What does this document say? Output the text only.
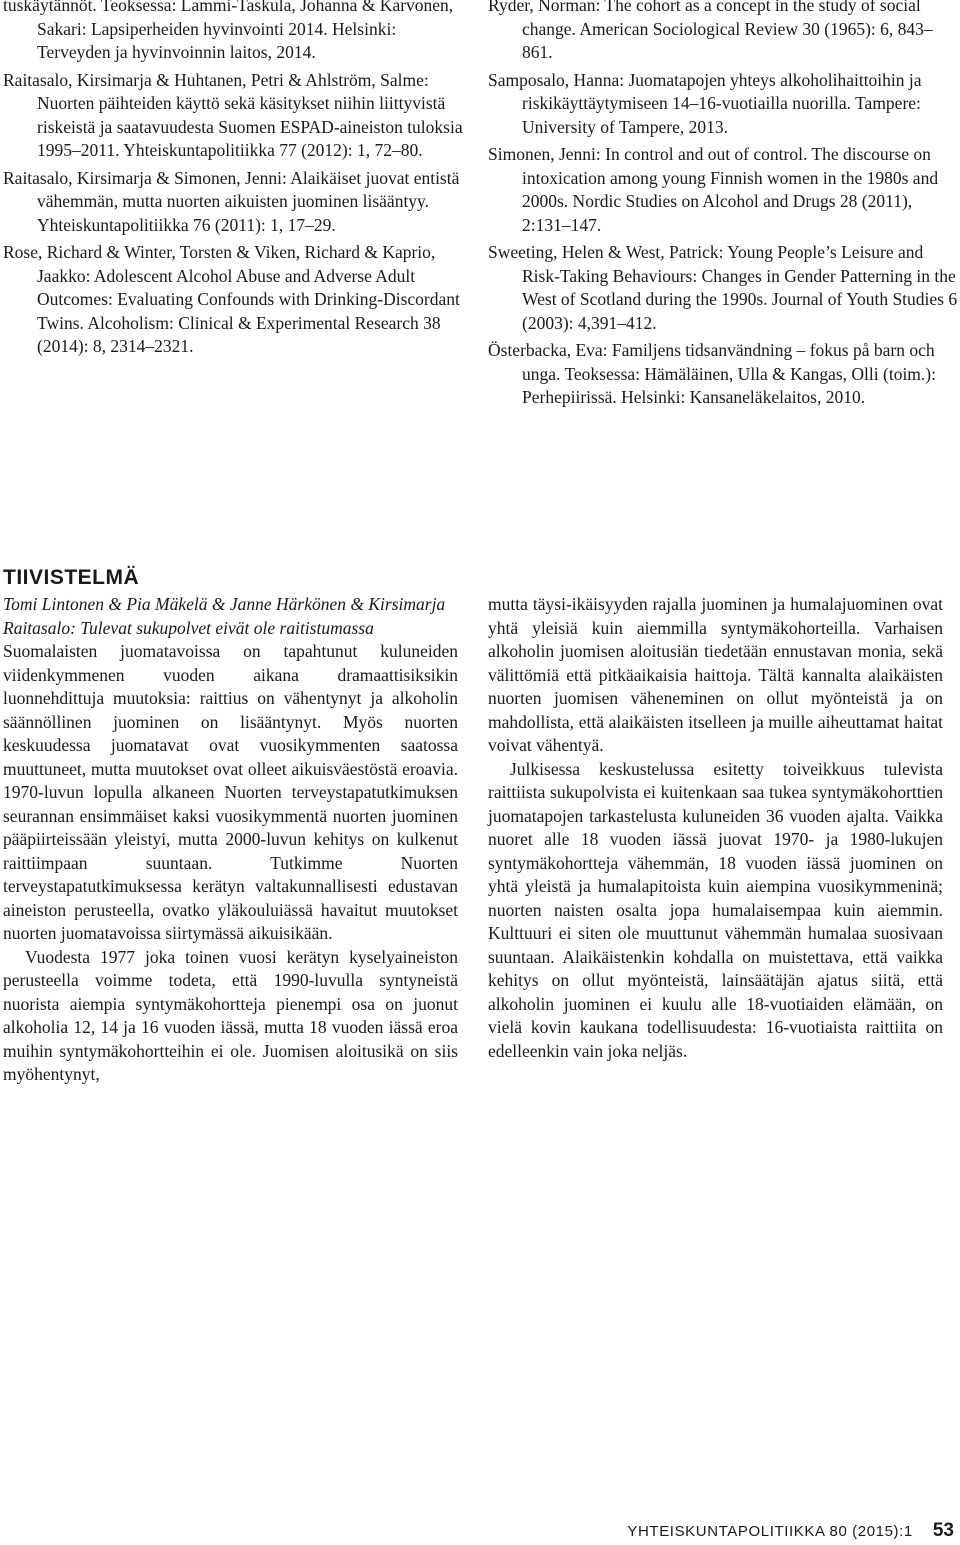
tuskäytännöt. Teoksessa: Lammi-Taskula, Johanna & Karvonen, Sakari: Lapsiperheiden hyvinvointi 2014. Helsinki: Terveyden ja hyvinvoinnin laitos, 2014.

Raitasalo, Kirsimarja & Huhtanen, Petri & Ahlström, Salme: Nuorten päihteiden käyttö sekä käsitykset niihin liittyvistä riskeistä ja saatavuudesta Suomen ESPAD-aineiston tuloksia 1995–2011. Yhteiskuntapolitiikka 77 (2012): 1, 72–80.

Raitasalo, Kirsimarja & Simonen, Jenni: Alaikäiset juovat entistä vähemmän, mutta nuorten aikuisten juominen lisääntyy. Yhteiskuntapolitiikka 76 (2011): 1, 17–29.

Rose, Richard & Winter, Torsten & Viken, Richard & Kaprio, Jaakko: Adolescent Alcohol Abuse and Adverse Adult Outcomes: Evaluating Confounds with Drinking-Discordant Twins. Alcoholism: Clinical & Experimental Research 38 (2014): 8, 2314–2321.

Ryder, Norman: The cohort as a concept in the study of social change. American Sociological Review 30 (1965): 6, 843–861.

Samposalo, Hanna: Juomatapojen yhteys alkoholihaittoihin ja riskikäyttäytymiseen 14–16-vuotiailla nuorilla. Tampere: University of Tampere, 2013.

Simonen, Jenni: In control and out of control. The discourse on intoxication among young Finnish women in the 1980s and 2000s. Nordic Studies on Alcohol and Drugs 28 (2011), 2:131–147.

Sweeting, Helen & West, Patrick: Young People’s Leisure and Risk-Taking Behaviours: Changes in Gender Patterning in the West of Scotland during the 1990s. Journal of Youth Studies 6 (2003): 4,391–412.

Österbacka, Eva: Familjens tidsanvändning – fokus på barn och unga. Teoksessa: Hämäläinen, Ulla & Kangas, Olli (toim.): Perhepiirissä. Helsinki: Kansaneläkelaitos, 2010.

TIIVISTELMÄ

Tomi Lintonen & Pia Mäkelä & Janne Härkönen & Kirsimarja Raitasalo: Tulevat sukupolvet eivät ole raitistumassa

Suomalaisten juomatavoissa on tapahtunut kuluneiden viidenkymmenen vuoden aikana dramaattisiksikin luonnehdittuja muutoksia: raittius on vähentynyt ja alkoholin säännöllinen juominen on lisääntynyt. Myös nuorten keskuudessa juomatavat ovat vuosikymmenten saatossa muuttuneet, mutta muutokset ovat olleet aikuisväestöstä eroavia. 1970-luvun lopulla alkaneen Nuorten terveystapatutkimuksen seurannan ensimmäiset kaksi vuosikymmentä nuorten juominen pääpiirteissään yleistyi, mutta 2000-luvun kehitys on kulkenut raittiimpaan suuntaan. Tutkimme Nuorten terveystapatutkimuksessa kerätyn valtakunnallisesti edustavan aineiston perusteella, ovatko yläkouluiässä havaitut muutokset nuorten juomatavoissa siirtymässä aikuisikään.

Vuodesta 1977 joka toinen vuosi kerätyn kyselyaineiston perusteella voimme todeta, että 1990-luvulla syntyneistä nuorista aiempia syntymäkohortteja pienempi osa on juonut alkoholia 12, 14 ja 16 vuoden iässä, mutta 18 vuoden iässä eroa muihin syntymäkohortteihin ei ole. Juomisen aloitusikä on siis myöhentynyt,

mutta täysi-ikäisyyden rajalla juominen ja humalajuominen ovat yhtä yleisiä kuin aiemmilla syntymäkohorteilla. Varhaisen alkoholin juomisen aloitusiän tiedetään ennustavan monia, sekä välittömiä että pitkäaikaisia haittoja. Tältä kannalta alaikäisten nuorten juomisen väheneminen on ollut myönteistä ja on mahdollista, että alaikäisten itselleen ja muille aiheuttamat haitat voivat vähentyä.

Julkisessa keskustelussa esitetty toiveikkuus tulevista raittiista sukupolvista ei kuitenkaan saa tukea syntymäkohorttien juomatapojen tarkastelusta kuluneiden 36 vuoden ajalta. Vaikka nuoret alle 18 vuoden iässä juovat 1970- ja 1980-lukujen syntymäkohortteja vähemmän, 18 vuoden iässä juominen on yhtä yleistä ja humalapitoista kuin aiempina vuosikymmeninä; nuorten naisten osalta jopa humalaisempaa kuin aiemmin. Kulttuuri ei siten ole muuttunut vähemmän humalaa suosivaan suuntaan. Alaikäistenkin kohdalla on muistettava, että vaikka kehitys on ollut myönteistä, lainsäätäjän ajatus siitä, että alkoholin juominen ei kuulu alle 18-vuotiaiden elämään, on vielä kovin kaukana todellisuudesta: 16-vuotiaista raittiita on edelleenkin vain joka neljäs.

YHTEISKUNTAPOLITIIKKA 80 (2015):1 53
